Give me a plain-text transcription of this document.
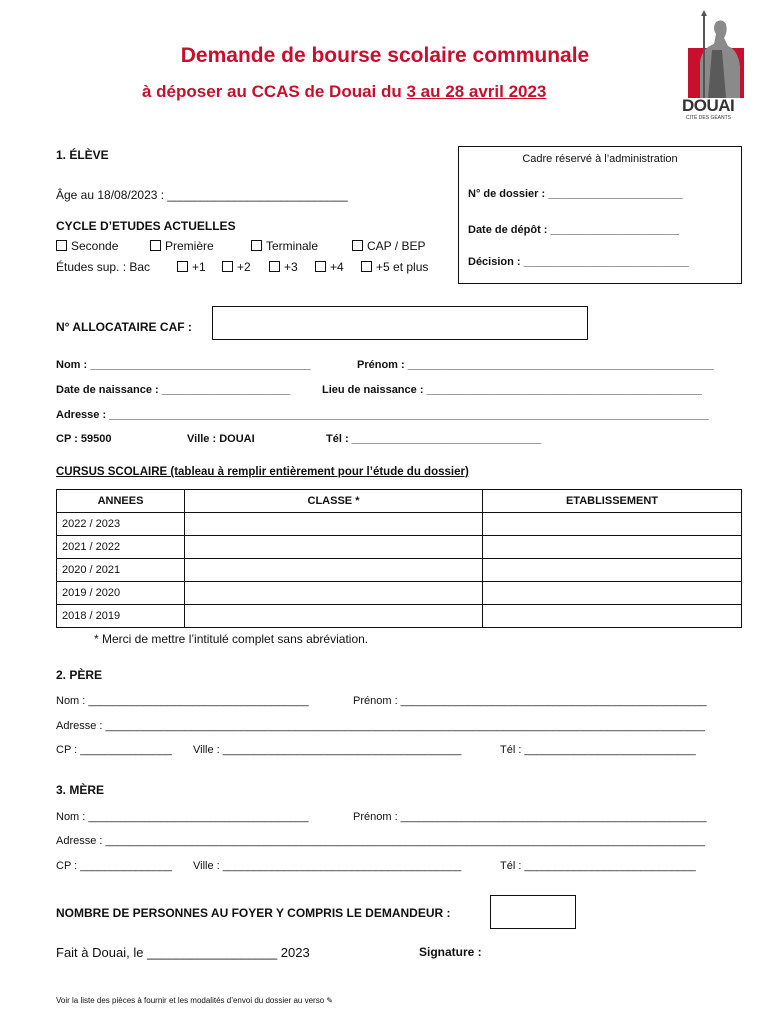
Demande de bourse scolaire communale
à déposer au CCAS de Douai du 3 au 28 avril 2023
DOUAI
CITÉ DES GÉANTS
1. ÉLÈVE
Âge au 18/08/2023 : ___________________________
CYCLE D’ETUDES ACTUELLES
Seconde	Première	Terminale	CAP / BEP
Études sup. : Bac	+1	+2	+3	+4	+5 et plus
Cadre réservé à l’administration
N° de dossier : ______________________
Date de dépôt : _____________________
Décision : ___________________________
N° ALLOCATAIRE CAF :
Nom : ____________________________________	Prénom : __________________________________________________
Date de naissance : _____________________	Lieu de naissance : _____________________________________________
Adresse : __________________________________________________________________________________________________
CP : 59500	Ville : DOUAI	Tél : _______________________________
CURSUS SCOLAIRE (tableau à remplir entièrement pour l’étude du dossier)
ANNEES	CLASSE *	ETABLISSEMENT
2022 / 2023		
2021 / 2022		
2020 / 2021		
2019 / 2020		
2018 / 2019		
* Merci de mettre l’intitulé complet sans abréviation.
2. PÈRE
Nom : ____________________________________	Prénom : __________________________________________________
Adresse : __________________________________________________________________________________________________
CP : _______________ Ville : _______________________________________	Tél : ____________________________
3. MÈRE
Nom : ____________________________________	Prénom : __________________________________________________
Adresse : __________________________________________________________________________________________________
CP : _______________ Ville : _______________________________________	Tél : ____________________________
NOMBRE DE PERSONNES AU FOYER Y COMPRIS LE DEMANDEUR :
Fait à Douai, le __________________ 2023	Signature :
Voir la liste des pièces à fournir et les modalités d’envoi du dossier au verso ✎
